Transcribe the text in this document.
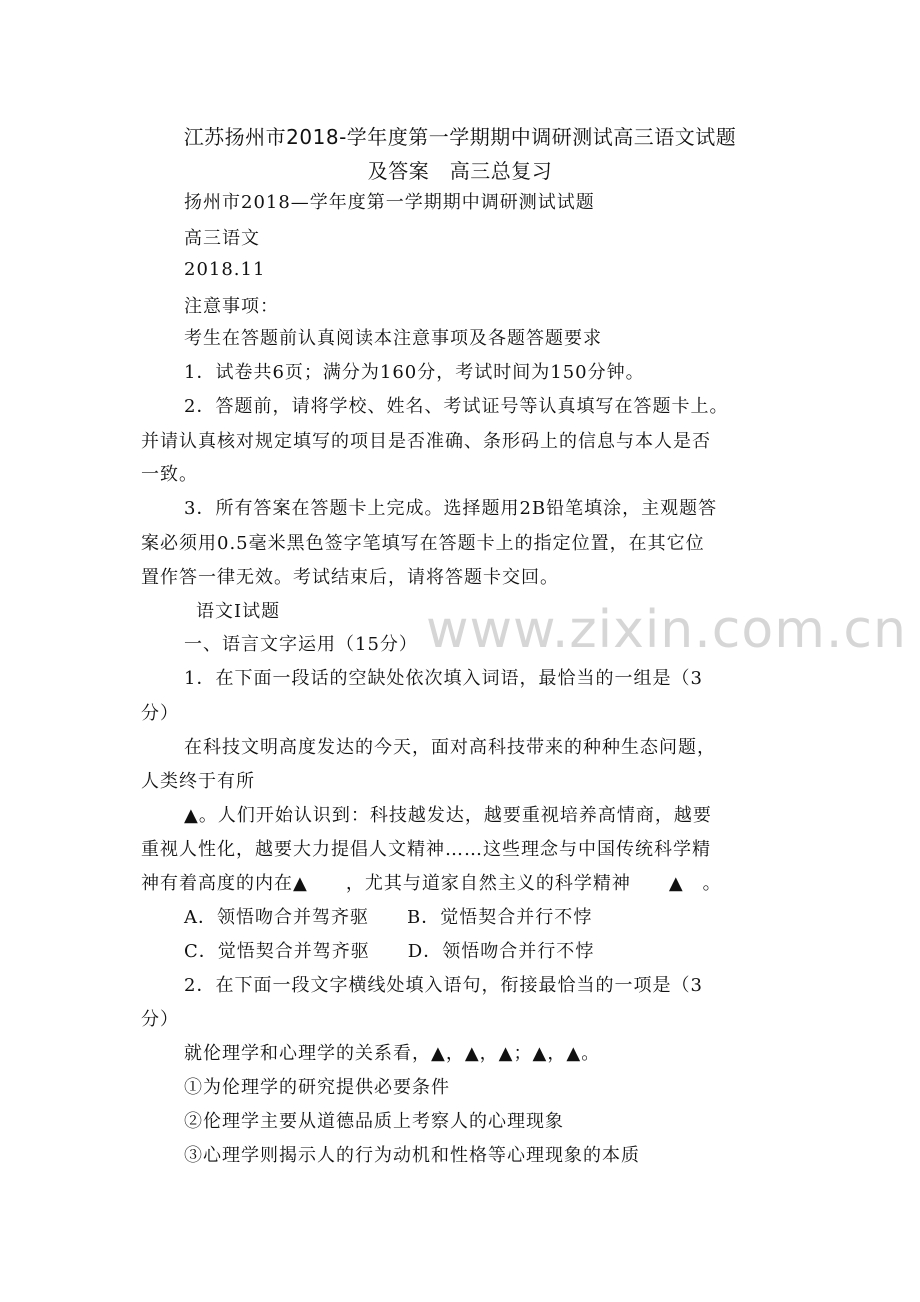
江苏扬州市2018-学年度第一学期期中调研测试高三语文试题
及答案　高三总复习
扬州市2018—学年度第一学期期中调研测试试题
高三语文
2018.11
注意事项：
考生在答题前认真阅读本注意事项及各题答题要求
1．试卷共6页；满分为160分，考试时间为150分钟。
2．答题前，请将学校、姓名、考试证号等认真填写在答题卡上。
并请认真核对规定填写的项目是否准确、条形码上的信息与本人是否
一致。
3．所有答案在答题卡上完成。选择题用2B铅笔填涂，主观题答
案必须用0.5毫米黑色签字笔填写在答题卡上的指定位置，在其它位
置作答一律无效。考试结束后，请将答题卡交回。
语文Ⅰ试题
一、语言文字运用（15分）
1．在下面一段话的空缺处依次填入词语，最恰当的一组是（3
分）
在科技文明高度发达的今天，面对高科技带来的种种生态问题，
人类终于有所
▲。人们开始认识到：科技越发达，越要重视培养高情商，越要
重视人性化，越要大力提倡人文精神……这些理念与中国传统科学精
神有着高度的内在▲　　，尤其与道家自然主义的科学精神　　▲　。
A．领悟吻合并驾齐驱　　B．觉悟契合并行不悖
C．觉悟契合并驾齐驱　　D．领悟吻合并行不悖
2．在下面一段文字横线处填入语句，衔接最恰当的一项是（3
分）
就伦理学和心理学的关系看，▲，▲，▲；▲，▲。
①为伦理学的研究提供必要条件
②伦理学主要从道德品质上考察人的心理现象
③心理学则揭示人的行为动机和性格等心理现象的本质
www.zixin.com.cn
